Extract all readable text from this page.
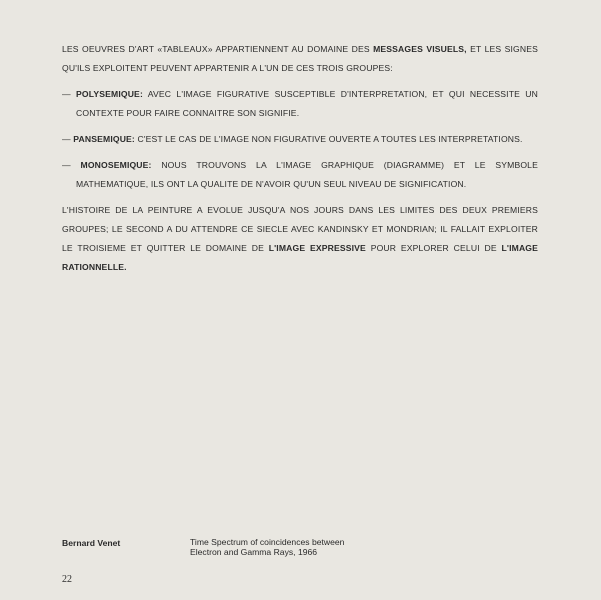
LES OEUVRES D'ART «TABLEAUX» APPARTIENNENT AU DOMAINE DES MESSAGES VISUELS, ET LES SIGNES QU'ILS EXPLOITENT PEUVENT APPARTENIR A L'UN DE CES TROIS GROUPES:

— POLYSEMIQUE: AVEC L'IMAGE FIGURATIVE SUSCEPTIBLE D'INTERPRETATION, ET QUI NECESSITE UN CONTEXTE POUR FAIRE CONNAITRE SON SIGNIFIE.

— PANSEMIQUE: C'EST LE CAS DE L'IMAGE NON FIGURATIVE OUVERTE A TOUTES LES INTERPRETATIONS.

— MONOSEMIQUE: NOUS TROUVONS LA L'IMAGE GRAPHIQUE (DIAGRAMME) ET LE SYMBOLE MATHEMATIQUE, ILS ONT LA QUALITE DE N'AVOIR QU'UN SEUL NIVEAU DE SIGNIFICATION.

L'HISTOIRE DE LA PEINTURE A EVOLUE JUSQU'A NOS JOURS DANS LES LIMITES DES DEUX PREMIERS GROUPES; LE SECOND A DU ATTENDRE CE SIECLE AVEC KANDINSKY ET MONDRIAN; IL FALLAIT EXPLOITER LE TROISIEME ET QUITTER LE DOMAINE DE L'IMAGE EXPRESSIVE POUR EXPLORER CELUI DE L'IMAGE RATIONNELLE.

Bernard Venet	Time Spectrum of coincidences between
Electron and Gamma Rays, 1966
22
